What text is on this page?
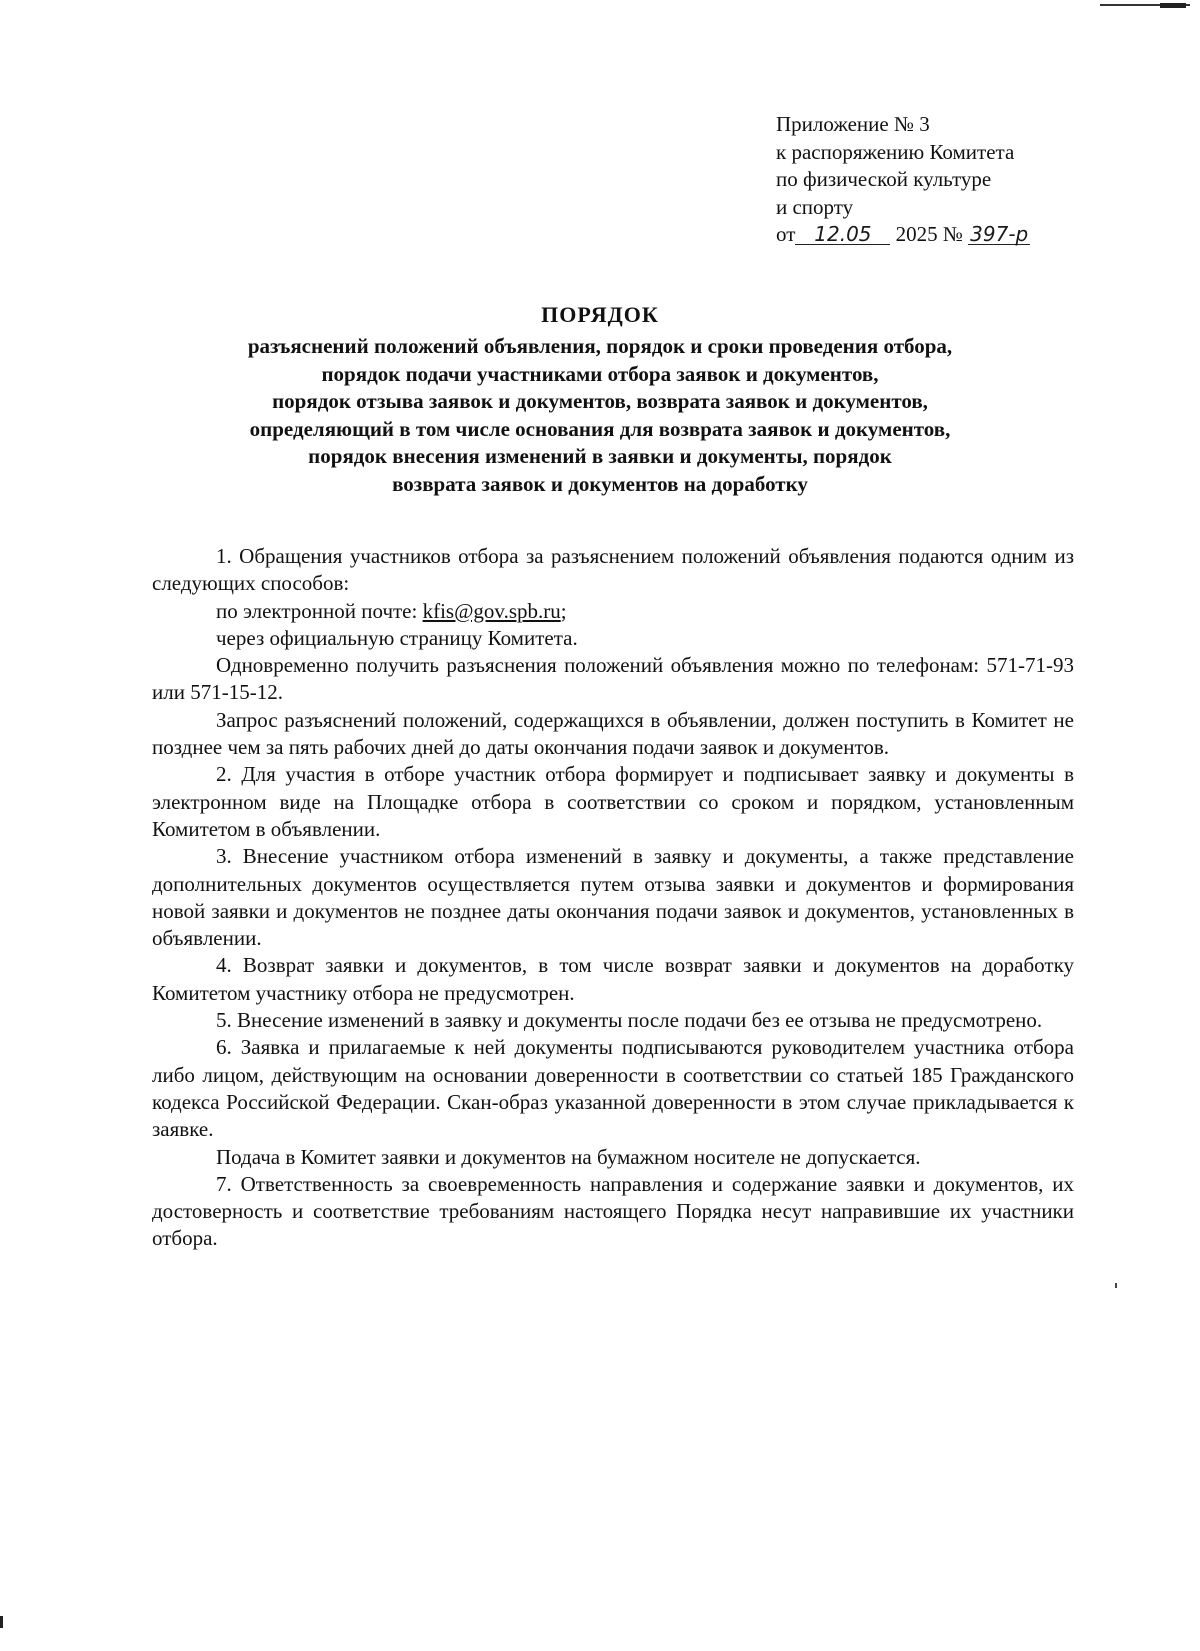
Приложение № 3
к распоряжению Комитета
по физической культуре
и спорту
от 12.05 2025 № 397-р
ПОРЯДОК
разъяснений положений объявления, порядок и сроки проведения отбора,
порядок подачи участниками отбора заявок и документов,
порядок отзыва заявок и документов, возврата заявок и документов,
определяющий в том числе основания для возврата заявок и документов,
порядок внесения изменений в заявки и документы, порядок
возврата заявок и документов на доработку

1. Обращения участников отбора за разъяснением положений объявления подаются одним из следующих способов:

по электронной почте: kfis@gov.spb.ru;

через официальную страницу Комитета.

Одновременно получить разъяснения положений объявления можно по телефонам: 571-71-93 или 571-15-12.

Запрос разъяснений положений, содержащихся в объявлении, должен поступить в Комитет не позднее чем за пять рабочих дней до даты окончания подачи заявок и документов.

2. Для участия в отборе участник отбора формирует и подписывает заявку и документы в электронном виде на Площадке отбора в соответствии со сроком и порядком, установленным Комитетом в объявлении.

3. Внесение участником отбора изменений в заявку и документы, а также представление дополнительных документов осуществляется путем отзыва заявки и документов и формирования новой заявки и документов не позднее даты окончания подачи заявок и документов, установленных в объявлении.

4. Возврат заявки и документов, в том числе возврат заявки и документов на доработку Комитетом участнику отбора не предусмотрен.

5. Внесение изменений в заявку и документы после подачи без ее отзыва не предусмотрено.

6. Заявка и прилагаемые к ней документы подписываются руководителем участника отбора либо лицом, действующим на основании доверенности в соответствии со статьей 185 Гражданского кодекса Российской Федерации. Скан-образ указанной доверенности в этом случае прикладывается к заявке.

Подача в Комитет заявки и документов на бумажном носителе не допускается.

7. Ответственность за своевременность направления и содержание заявки и документов, их достоверность и соответствие требованиям настоящего Порядка несут направившие их участники отбора.
